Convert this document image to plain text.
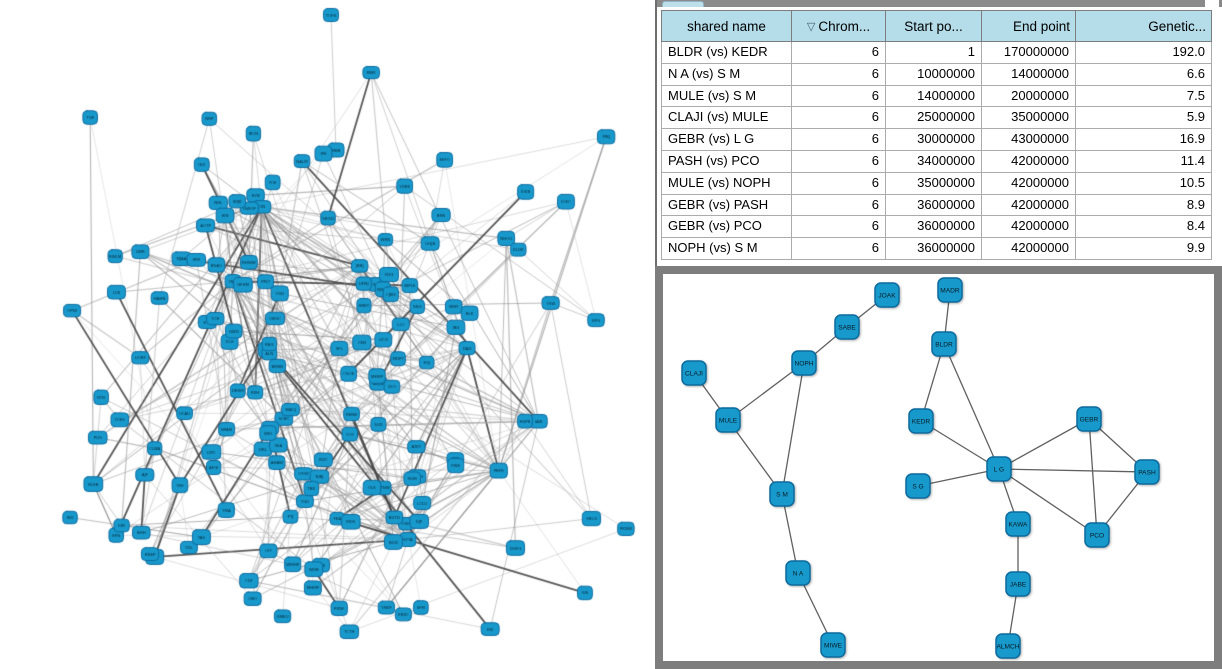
shared name	▽ Chrom...	Start po...	End point	Genetic...
BLDR (vs) KEDR	6	1	170000000	192.0
N A (vs) S M	6	10000000	14000000	6.6
MULE (vs) S M	6	14000000	20000000	7.5
CLAJI (vs) MULE	6	25000000	35000000	5.9
GEBR (vs) L G	6	30000000	43000000	16.9
PASH (vs) PCO	6	34000000	42000000	11.4
MULE (vs) NOPH	6	35000000	42000000	10.5
GEBR (vs) PASH	6	36000000	42000000	8.9
GEBR (vs) PCO	6	36000000	42000000	8.4
NOPH (vs) S M	6	36000000	42000000	9.9
JOAK
SABE
NOPH
CLAJI
MULE
S M
N A
MIWE
MADR
BLDR
KEDR
L G
S G
GEBR
PASH
PCO
KAWA
JABE
ALMCH
